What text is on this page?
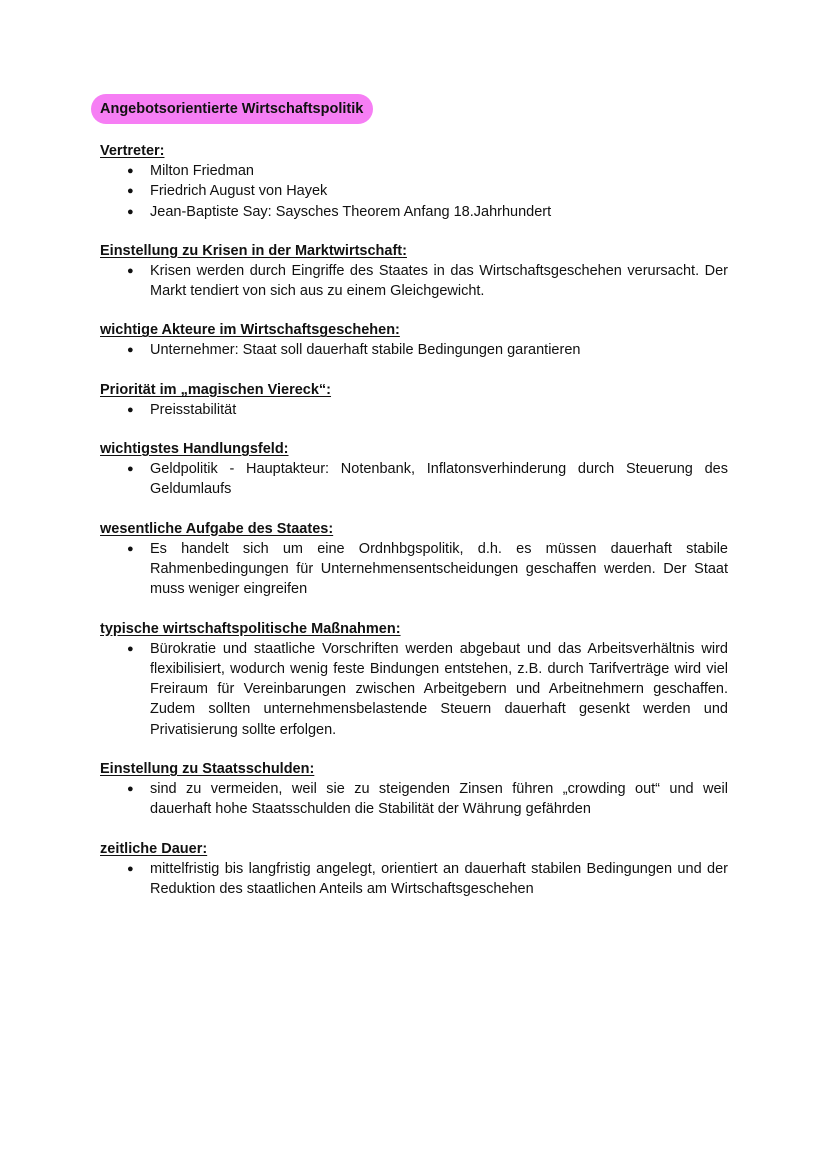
Angebotsorientierte Wirtschaftspolitik
Vertreter:
● Milton Friedman
● Friedrich August von Hayek
● Jean-Baptiste Say: Saysches Theorem Anfang 18.Jahrhundert
Einstellung zu Krisen in der Marktwirtschaft:
● Krisen werden durch Eingriffe des Staates in das Wirtschaftsgeschehen verursacht. Der Markt tendiert von sich aus zu einem Gleichgewicht.
wichtige Akteure im Wirtschaftsgeschehen:
● Unternehmer: Staat soll dauerhaft stabile Bedingungen garantieren
Priorität im „magischen Viereck“:
● Preisstabilität
wichtigstes Handlungsfeld:
● Geldpolitik - Hauptakteur: Notenbank, Inflatonsverhinderung durch Steuerung des Geldumlaufs
wesentliche Aufgabe des Staates:
● Es handelt sich um eine Ordnhbgspolitik, d.h. es müssen dauerhaft stabile Rahmenbedingungen für Unternehmensentscheidungen geschaffen werden. Der Staat muss weniger eingreifen
typische wirtschaftspolitische Maßnahmen:
● Bürokratie und staatliche Vorschriften werden abgebaut und das Arbeitsverhältnis wird flexibilisiert, wodurch wenig feste Bindungen entstehen, z.B. durch Tarifverträge wird viel Freiraum für Vereinbarungen zwischen Arbeitgebern und Arbeitnehmern geschaffen. Zudem sollten unternehmensbelastende Steuern dauerhaft gesenkt werden und Privatisierung sollte erfolgen.
Einstellung zu Staatsschulden:
● sind zu vermeiden, weil sie zu steigenden Zinsen führen „crowding out“ und weil dauerhaft hohe Staatsschulden die Stabilität der Währung gefährden
zeitliche Dauer:
● mittelfristig bis langfristig angelegt, orientiert an dauerhaft stabilen Bedingungen und der Reduktion des staatlichen Anteils am Wirtschaftsgeschehen
